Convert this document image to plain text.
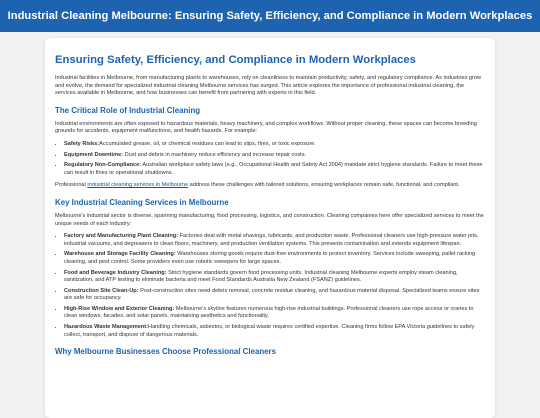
Industrial Cleaning Melbourne: Ensuring Safety, Efficiency, and Compliance in Modern Workplaces
Ensuring Safety, Efficiency, and Compliance in Modern Workplaces

Industrial facilities in Melbourne, from manufacturing plants to warehouses, rely on cleanliness to maintain productivity, safety, and regulatory compliance. As industries grow and evolve, the demand for specialized industrial cleaning Melbourne services has surged. This article explores the importance of professional industrial cleaning, the services available in Melbourne, and how businesses can benefit from partnering with experts in this field.

The Critical Role of Industrial Cleaning

Industrial environments are often exposed to hazardous materials, heavy machinery, and complex workflows. Without proper cleaning, these spaces can become breeding grounds for accidents, equipment malfunctions, and health hazards. For example:

• Safety Risks:Accumulated grease, oil, or chemical residues can lead to slips, fires, or toxic exposure.
• Equipment Downtime: Dust and debris in machinery reduce efficiency and increase repair costs.
• Regulatory Non-Compliance: Australian workplace safety laws (e.g., Occupational Health and Safety Act 2004) mandate strict hygiene standards. Failure to meet these can result in fines or operational shutdowns.

Professional industrial cleaning services in Melbourne address these challenges with tailored solutions, ensuring workplaces remain safe, functional, and compliant.

Key Industrial Cleaning Services in Melbourne

Melbourne's industrial sector is diverse, spanning manufacturing, food processing, logistics, and construction. Cleaning companies here offer specialized services to meet the unique needs of each industry:

• Factory and Manufacturing Plant Cleaning: Factories deal with metal shavings, lubricants, and production waste. Professional cleaners use high-pressure water jets, industrial vacuums, and degreasers to clean floors, machinery, and production ventilation systems. This prevents contamination and extends equipment lifespan.
• Warehouse and Storage Facility Cleaning: Warehouses storing goods require dust-free environments to protect inventory. Services include sweeping, pallet racking cleaning, and pest control. Some providers even use robotic sweepers for large spaces.
• Food and Beverage Industry Cleaning: Strict hygiene standards govern food processing units. Industrial cleaning Melbourne experts employ steam cleaning, sanitization, and ATP testing to eliminate bacteria and meet Food Standards Australia New Zealand (FSANZ) guidelines.
• Construction Site Clean-Up: Post-construction sites need debris removal, concrete residue cleaning, and hazardous material disposal. Specialized teams ensure sites are safe for occupancy.
• High-Rise Window and Exterior Cleaning: Melbourne's skyline features numerous high-rise industrial buildings. Professional cleaners use rope access or cranes to clean windows, facades, and solar panels, maintaining aesthetics and functionality.
• Hazardous Waste Management:Handling chemicals, asbestos, or biological waste requires certified expertise. Cleaning firms follow EPA Victoria guidelines to safely collect, transport, and dispose of dangerous materials.
Why Melbourne Businesses Choose Professional Cleaners
